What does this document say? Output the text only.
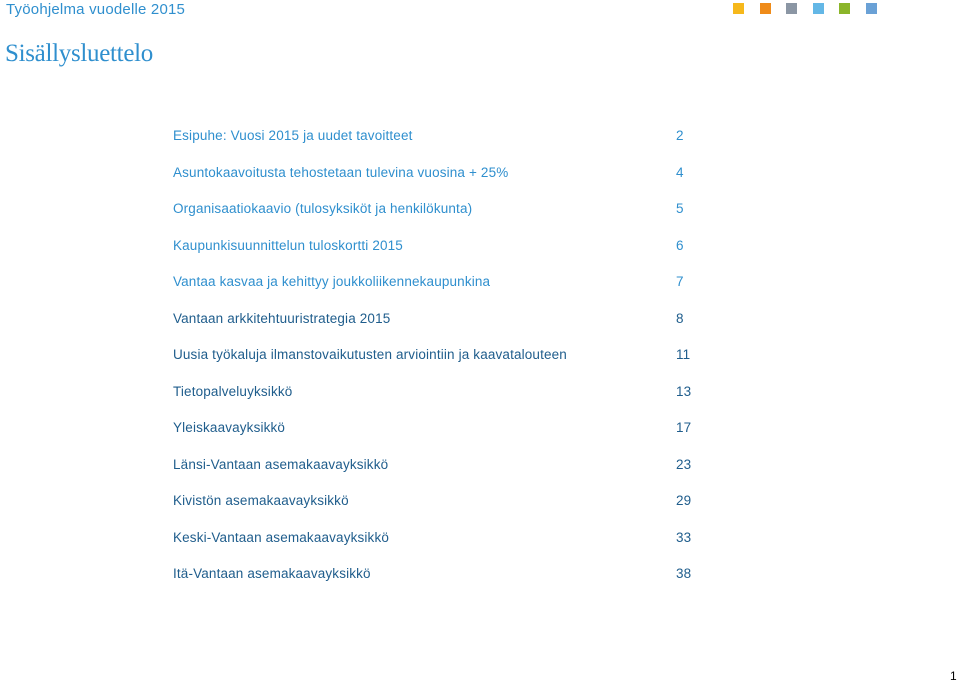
Työohjelma vuodelle 2015
Sisällysluettelo
Esipuhe: Vuosi 2015 ja uudet tavoitteet	2
Asuntokaavoitusta tehostetaan tulevina vuosina + 25%	4
Organisaatiokaavio (tulosyksiköt ja henkilökunta)	5
Kaupunkisuunnittelun tuloskortti 2015	6
Vantaa kasvaa ja kehittyy joukkoliikennekaupunkina	7
Vantaan arkkitehtuuristrategia 2015	8
Uusia työkaluja ilmanstovaikutusten arviointiin ja kaavatalouteen	11
Tietopalveluyksikkö	13
Yleiskaavayksikkö	17
Länsi-Vantaan asemakaavayksikkö	23
Kivistön asemakaavayksikkö	29
Keski-Vantaan asemakaavayksikkö	33
Itä-Vantaan asemakaavayksikkö	38
1
